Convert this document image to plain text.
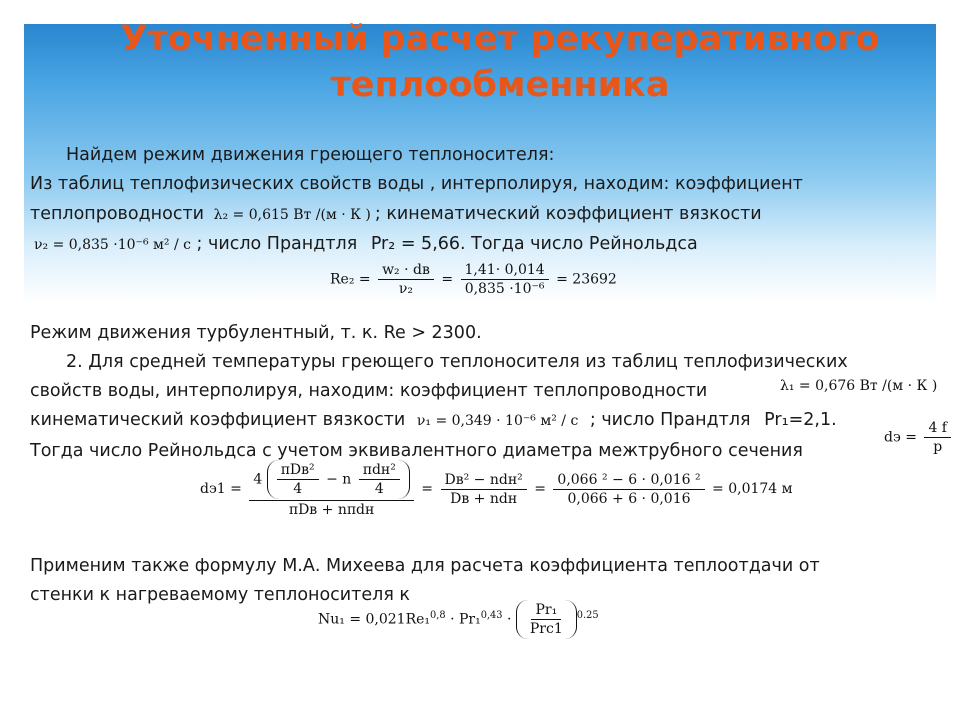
Уточненный расчет рекуперативного теплообменника
Найдем режим движения греющего теплоносителя:
Из таблиц теплофизических свойств воды , интерполируя, находим: коэффициент
теплопроводности λ₂ = 0,615 Вт /(м · К ) ; кинематический коэффициент вязкости
ν₂ = 0,835 ·10⁻⁶ м² / с ; число Прандтля Pr₂ = 5,66. Тогда число Рейнольдса
$Re_2 = \frac{\text{w₂ · dв}}{\text{ν₂}} = \frac{1,41\cdot 0,014}{\text{0,835 ·10⁻⁶}} = 23692$
Режим движения турбулентный, т. к. Re > 2300.
2. Для средней температуры греющего теплоносителя из таблиц теплофизических
свойств воды, интерполируя, находим: коэффициент теплопроводности	λ₁ = 0,676 Вт /(м · К )
кинематический коэффициент вязкости ν₁ = 0,349 · 10⁻⁶ м² / с ; число Прандтля Pr₁=2,1.
dэ = $\frac{4 f}{р}$
Тогда число Рейнольдса с учетом эквивалентного диаметра межтрубного сечения
$dэ1 = \frac{4 \frac{\text{πDв²}}{4} - n \frac{\text{πdн²}}{4}}{\text{πDв + nπdн}} = \frac{\text{Dв² − ndн²}}{\text{Dв + ndн}} = \frac{\text{0,066 ² − 6 · 0,016 ²}}{0,066 + 6 \cdot 0,016} = 0,0174$ м
Применим также формулу М.А. Михеева для расчета коэффициента теплоотдачи от
стенки к нагреваемому теплоносителя к
$Nu_1 = 0,021Re_1^{0,8} \cdot Pr_1^{0,43} \cdot \frac{\text{Pr₁}}{\text{Prс1}} ^{0.25}$
